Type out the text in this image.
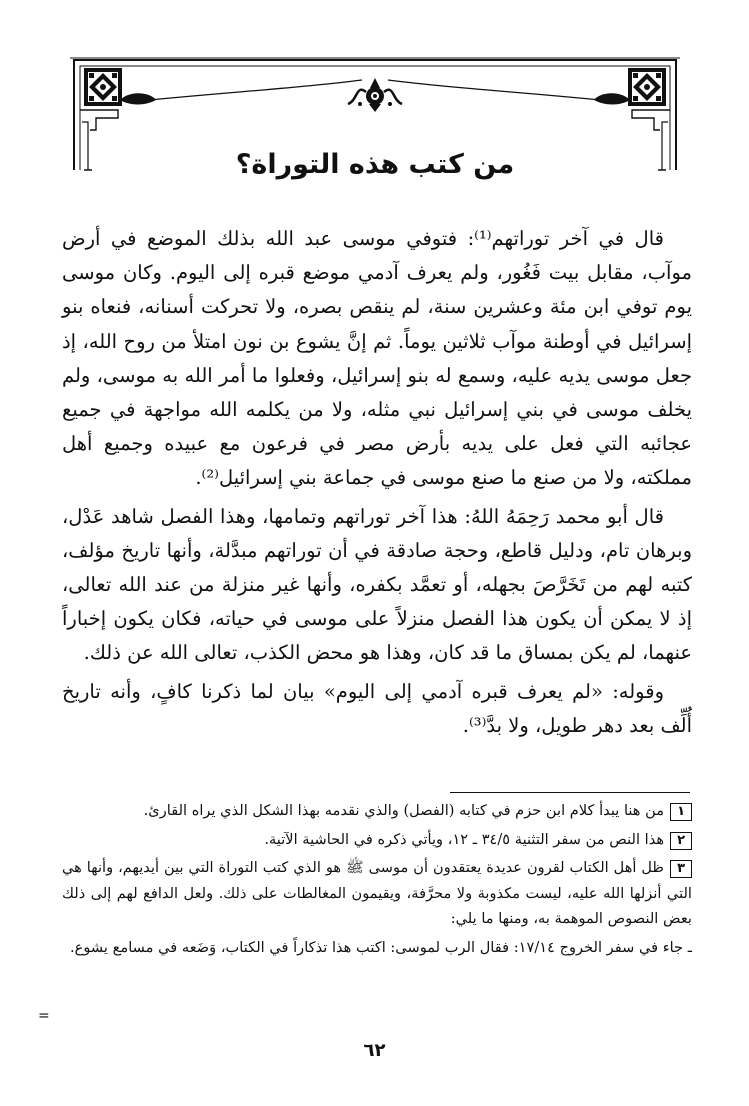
من كتب هذه التوراة؟

قال في آخر توراتهم⁽¹⁾: فتوفي موسى عبد الله بذلك الموضع في أرض موآب، مقابل بيت فَغُور، ولم يعرف آدمي موضع قبره إلى اليوم. وكان موسى يوم توفي ابن مئة وعشرين سنة، لم ينقص بصره، ولا تحركت أسنانه، فنعاه بنو إسرائيل في أوطنة موآب ثلاثين يوماً. ثم إنَّ يشوع بن نون امتلأ من روح الله، إذ جعل موسى يديه عليه، وسمع له بنو إسرائيل، وفعلوا ما أمر الله به موسى، ولم يخلف موسى في بني إسرائيل نبي مثله، ولا من يكلمه الله مواجهة في جميع عجائبه التي فعل على يديه بأرض مصر في فرعون مع عبيده وجميع أهل مملكته، ولا من صنع ما صنع موسى في جماعة بني إسرائيل⁽²⁾.

قال أبو محمد رَحِمَهُ اللهُ: هذا آخر توراتهم وتمامها، وهذا الفصل شاهد عَدْل، وبرهان تام، ودليل قاطع، وحجة صادقة في أن توراتهم مبدَّلة، وأنها تاريخ مؤلف، كتبه لهم من تَخَرَّصَ بجهله، أو تعمَّد بكفره، وأنها غير منزلة من عند الله تعالى، إذ لا يمكن أن يكون هذا الفصل منزلاً على موسى في حياته، فكان يكون إخباراً عنهما، لم يكن بمساق ما قد كان، وهذا هو محض الكذب، تعالى الله عن ذلك.

وقوله: «لم يعرف قبره آدمي إلى اليوم» بيان لما ذكرنا كافٍ، وأنه تاريخ أُلِّف بعد دهر طويل، ولا بدَّ⁽³⁾.

١من هنا يبدأ كلام ابن حزم في كتابه (الفصل) والذي نقدمه بهذا الشكل الذي يراه القارئ.

٢هذا النص من سفر التثنية ٣٤/٥ ـ ١٢، ويأتي ذكره في الحاشية الآتية.

٣ظل أهل الكتاب لقرون عديدة يعتقدون أن موسى ﷺ هو الذي كتب التوراة التي بين أيديهم، وأنها هي التي أنزلها الله عليه، ليست مكذوبة ولا محرَّفة، ويقيمون المغالطات على ذلك. ولعل الدافع لهم إلى ذلك بعض النصوص الموهمة به، ومنها ما يلي:

ـ جاء في سفر الخروج ١٧/١٤: فقال الرب لموسى: اكتب هذا تذكاراً في الكتاب، وَضَعه في مسامع يشوع.

=
٦٢
